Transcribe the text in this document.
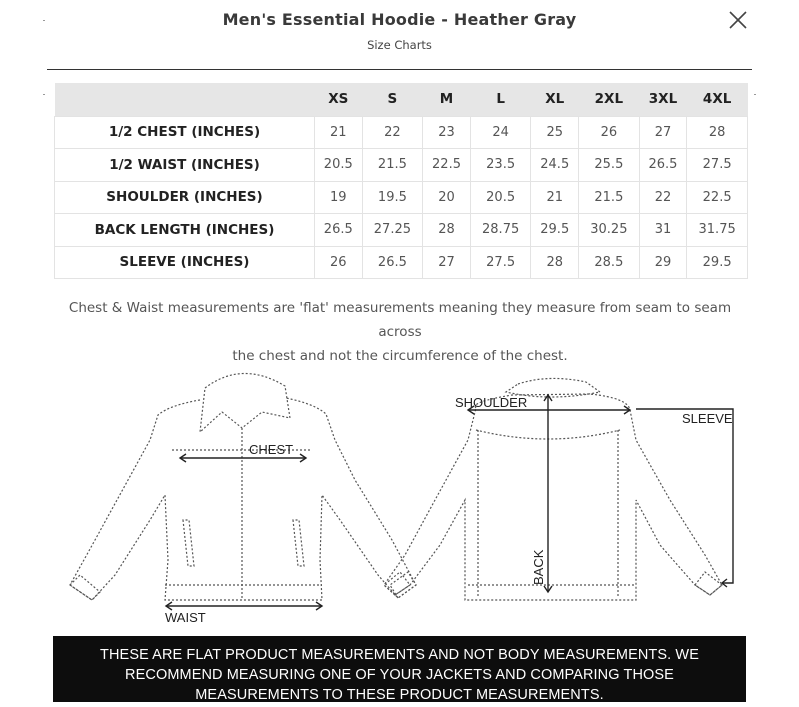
Men's Essential Hoodie - Heather Gray
Size Charts
	XS	S	M	L	XL	2XL	3XL	4XL
1/2 CHEST (INCHES)	21	22	23	24	25	26	27	28
1/2 WAIST (INCHES)	20.5	21.5	22.5	23.5	24.5	25.5	26.5	27.5
SHOULDER (INCHES)	19	19.5	20	20.5	21	21.5	22	22.5
BACK LENGTH (INCHES)	26.5	27.25	28	28.75	29.5	30.25	31	31.75
SLEEVE (INCHES)	26	26.5	27	27.5	28	28.5	29	29.5
Chest & Waist measurements are 'flat' measurements meaning they measure from seam to seam across
the chest and not the circumference of the chest.
CHEST
WAIST
SHOULDER
SLEEVE
BACK
THESE ARE FLAT PRODUCT MEASUREMENTS AND NOT BODY MEASUREMENTS. WE
RECOMMEND MEASURING ONE OF YOUR JACKETS AND COMPARING THOSE
MEASUREMENTS TO THESE PRODUCT MEASUREMENTS.
